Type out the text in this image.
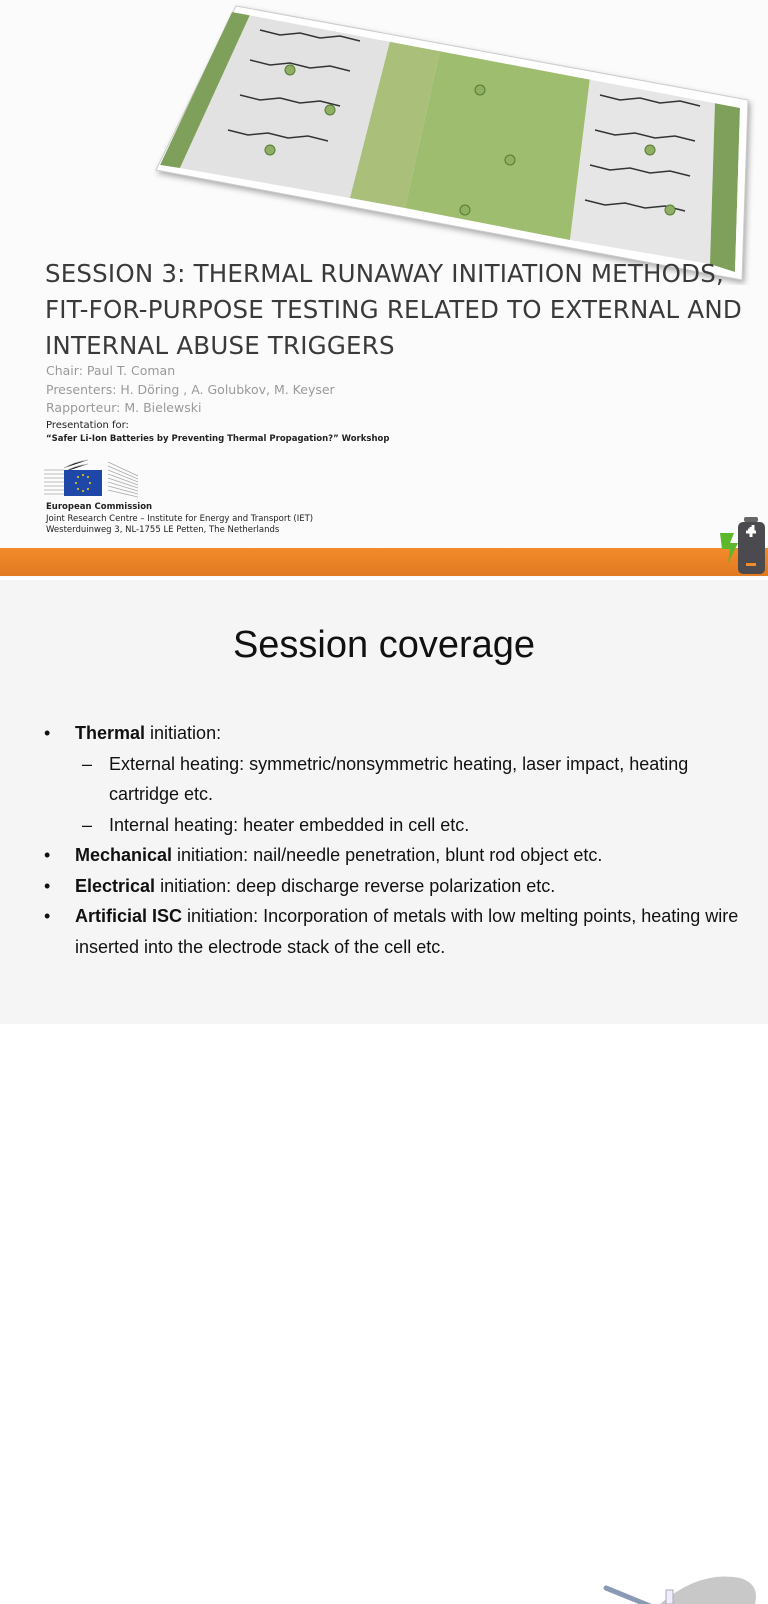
SESSION 3: THERMAL RUNAWAY INITIATION METHODS, FIT-FOR-PURPOSE TESTING RELATED TO EXTERNAL AND INTERNAL ABUSE TRIGGERS
Chair: Paul T. Coman
Presenters: H. Döring , A. Golubkov, M. Keyser
Rapporteur: M. Bielewski
Presentation for:
“Safer Li-Ion Batteries by Preventing Thermal Propagation?” Workshop
European Commission
Joint Research Centre – Institute for Energy and Transport (IET)
Westerduinweg 3, NL-1755 LE Petten, The Netherlands
Session coverage
• Thermal initiation:
– External heating: symmetric/nonsymmetric heating, laser impact, heating cartridge etc.
– Internal heating: heater embedded in cell etc.
• Mechanical initiation: nail/needle penetration, blunt rod object etc.
• Electrical initiation: deep discharge reverse polarization etc.
• Artificial ISC initiation: Incorporation of metals with low melting points, heating wire inserted into the electrode stack of the cell etc.
